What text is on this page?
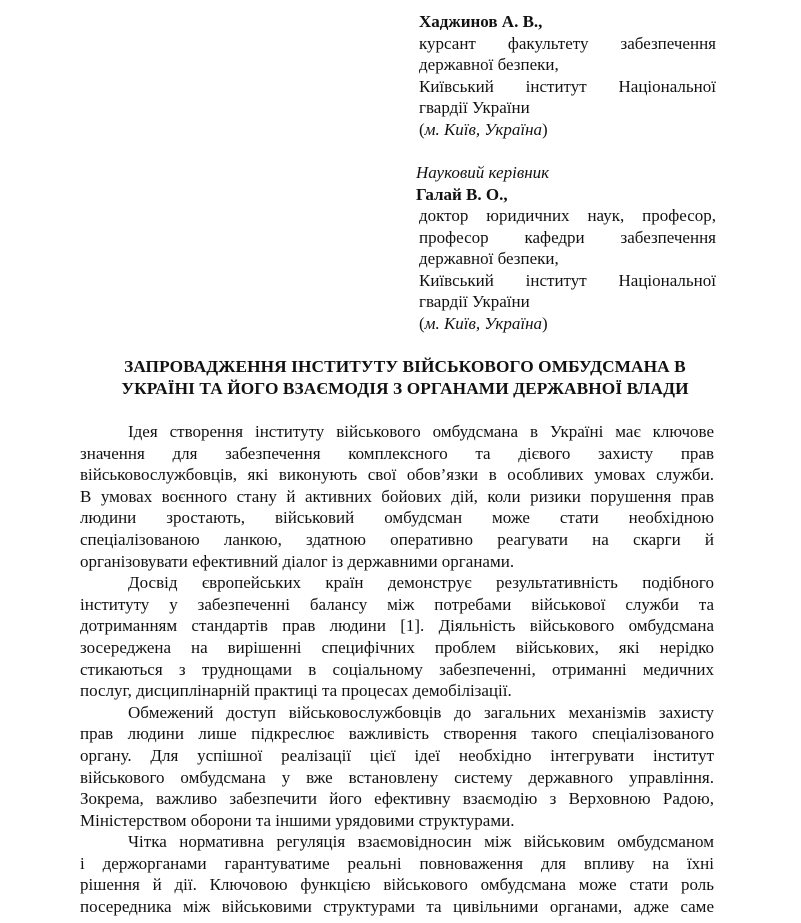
Хаджинов А. В.,
курсант факультету забезпечення
державної безпеки,
Київський інститут Національної
гвардії України
(м. Київ, Україна)
Науковий керівник
Галай В. О.,
доктор юридичних наук, професор,
професор кафедри забезпечення
державної безпеки,
Київський інститут Національної
гвардії України
(м. Київ, Україна)
ЗАПРОВАДЖЕННЯ ІНСТИТУТУ ВІЙСЬКОВОГО ОМБУДСМАНА В
УКРАЇНІ ТА ЙОГО ВЗАЄМОДІЯ З ОРГАНАМИ ДЕРЖАВНОЇ ВЛАДИ

Ідея створення інституту військового омбудсмана в Україні має ключове
значення для забезпечення комплексного та дієвого захисту прав
військовослужбовців, які виконують свої обов’язки в особливих умовах служби.
В умовах воєнного стану й активних бойових дій, коли ризики порушення прав
людини зростають, військовий омбудсман може стати необхідною
спеціалізованою ланкою, здатною оперативно реагувати на скарги й
організовувати ефективний діалог із державними органами.

Досвід європейських країн демонструє результативність подібного
інституту у забезпеченні балансу між потребами військової служби та
дотриманням стандартів прав людини [1]. Діяльність військового омбудсмана
зосереджена на вирішенні специфічних проблем військових, які нерідко
стикаються з труднощами в соціальному забезпеченні, отриманні медичних
послуг, дисциплінарній практиці та процесах демобілізації.

Обмежений доступ військовослужбовців до загальних механізмів захисту
прав людини лише підкреслює важливість створення такого спеціалізованого
органу. Для успішної реалізації цієї ідеї необхідно інтегрувати інститут
військового омбудсмана у вже встановлену систему державного управління.
Зокрема, важливо забезпечити його ефективну взаємодію з Верховною Радою,
Міністерством оборони та іншими урядовими структурами.

Чітка нормативна регуляція взаємовідносин між військовим омбудсманом
і держорганами гарантуватиме реальні повноваження для впливу на їхні
рішення й дії. Ключовою функцією військового омбудсмана може стати роль
посередника між військовими структурами та цивільними органами, адже саме
